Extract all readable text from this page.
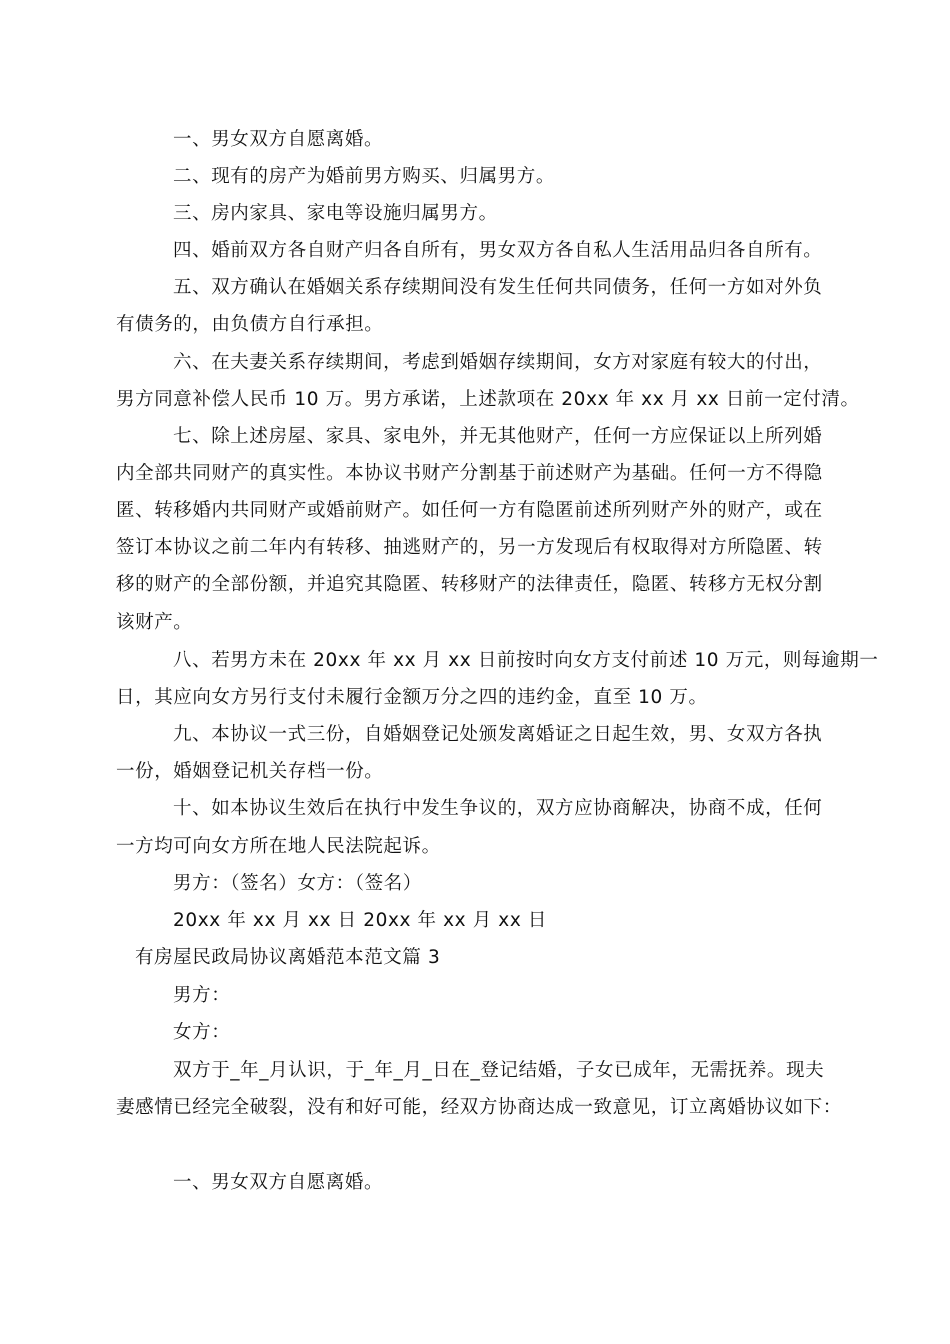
一、男女双方自愿离婚。

二、现有的房产为婚前男方购买、归属男方。

三、房内家具、家电等设施归属男方。

四、婚前双方各自财产归各自所有，男女双方各自私人生活用品归各自所有。

五、双方确认在婚姻关系存续期间没有发生任何共同债务，任何一方如对外负

有债务的，由负债方自行承担。

六、在夫妻关系存续期间，考虑到婚姻存续期间，女方对家庭有较大的付出，

男方同意补偿人民币 10 万。男方承诺，上述款项在 20xx 年 xx 月 xx 日前一定付清。

七、除上述房屋、家具、家电外，并无其他财产，任何一方应保证以上所列婚

内全部共同财产的真实性。本协议书财产分割基于前述财产为基础。任何一方不得隐

匿、转移婚内共同财产或婚前财产。如任何一方有隐匿前述所列财产外的财产，或在

签订本协议之前二年内有转移、抽逃财产的，另一方发现后有权取得对方所隐匿、转

移的财产的全部份额，并追究其隐匿、转移财产的法律责任，隐匿、转移方无权分割

该财产。

八、若男方未在 20xx 年 xx 月 xx 日前按时向女方支付前述 10 万元，则每逾期一

日，其应向女方另行支付未履行金额万分之四的违约金，直至 10 万。

九、本协议一式三份，自婚姻登记处颁发离婚证之日起生效，男、女双方各执

一份，婚姻登记机关存档一份。

十、如本协议生效后在执行中发生争议的，双方应协商解决，协商不成，任何

一方均可向女方所在地人民法院起诉。

男方：（签名）女方：（签名）

20xx 年 xx 月 xx 日 20xx 年 xx 月 xx 日

有房屋民政局协议离婚范本范文篇 3

男方：

女方：

双方于_年_月认识，于_年_月_日在_登记结婚，子女已成年，无需抚养。现夫

妻感情已经完全破裂，没有和好可能，经双方协商达成一致意见，订立离婚协议如下：

一、男女双方自愿离婚。
